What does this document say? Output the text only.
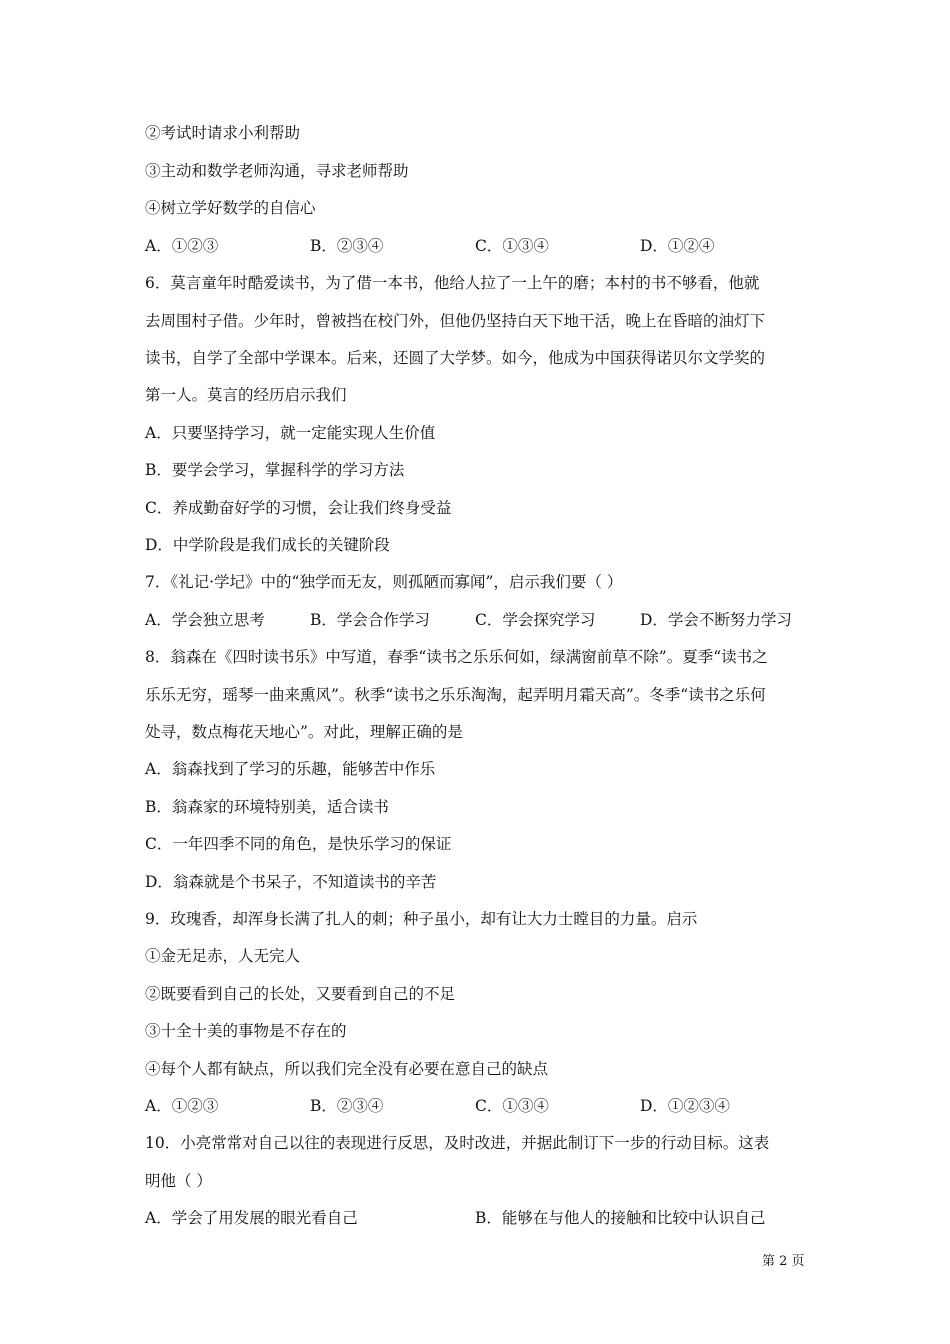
②考试时请求小利帮助
③主动和数学老师沟通，寻求老师帮助
④树立学好数学的自信心
A．①②③	B．②③④	C．①③④	D．①②④
6．莫言童年时酷爱读书，为了借一本书，他给人拉了一上午的磨；本村的书不够看，他就
去周围村子借。少年时，曾被挡在校门外，但他仍坚持白天下地干活，晚上在昏暗的油灯下
读书，自学了全部中学课本。后来，还圆了大学梦。如今，他成为中国获得诺贝尔文学奖的
第一人。莫言的经历启示我们
A．只要坚持学习，就一定能实现人生价值
B．要学会学习，掌握科学的学习方法
C．养成勤奋好学的习惯，会让我们终身受益
D．中学阶段是我们成长的关键阶段
7．《礼记·学圮》中的“独学而无友，则孤陋而寡闻”，启示我们要（ ）
A．学会独立思考	B．学会合作学习	C．学会探究学习	D．学会不断努力学习
8．翁森在《四时读书乐》中写道，春季“读书之乐乐何如，绿满窗前草不除”。夏季“读书之
乐乐无穷，瑶琴一曲来熏风”。秋季“读书之乐乐淘淘，起弄明月霜天高”。冬季“读书之乐何
处寻，数点梅花天地心”。对此，理解正确的是
A．翁森找到了学习的乐趣，能够苦中作乐
B．翁森家的环境特别美，适合读书
C．一年四季不同的角色，是快乐学习的保证
D．翁森就是个书呆子，不知道读书的辛苦
9．玫瑰香，却浑身长满了扎人的刺；种子虽小，却有让大力士瞠目的力量。启示
①金无足赤，人无完人
②既要看到自己的长处，又要看到自己的不足
③十全十美的事物是不存在的
④每个人都有缺点，所以我们完全没有必要在意自己的缺点
A．①②③	B．②③④	C．①③④	D．①②③④
10．小亮常常对自己以往的表现进行反思，及时改进，并据此制订下一步的行动目标。这表
明他（ ）
A．学会了用发展的眼光看自己	B．能够在与他人的接触和比较中认识自己
第 2 页
